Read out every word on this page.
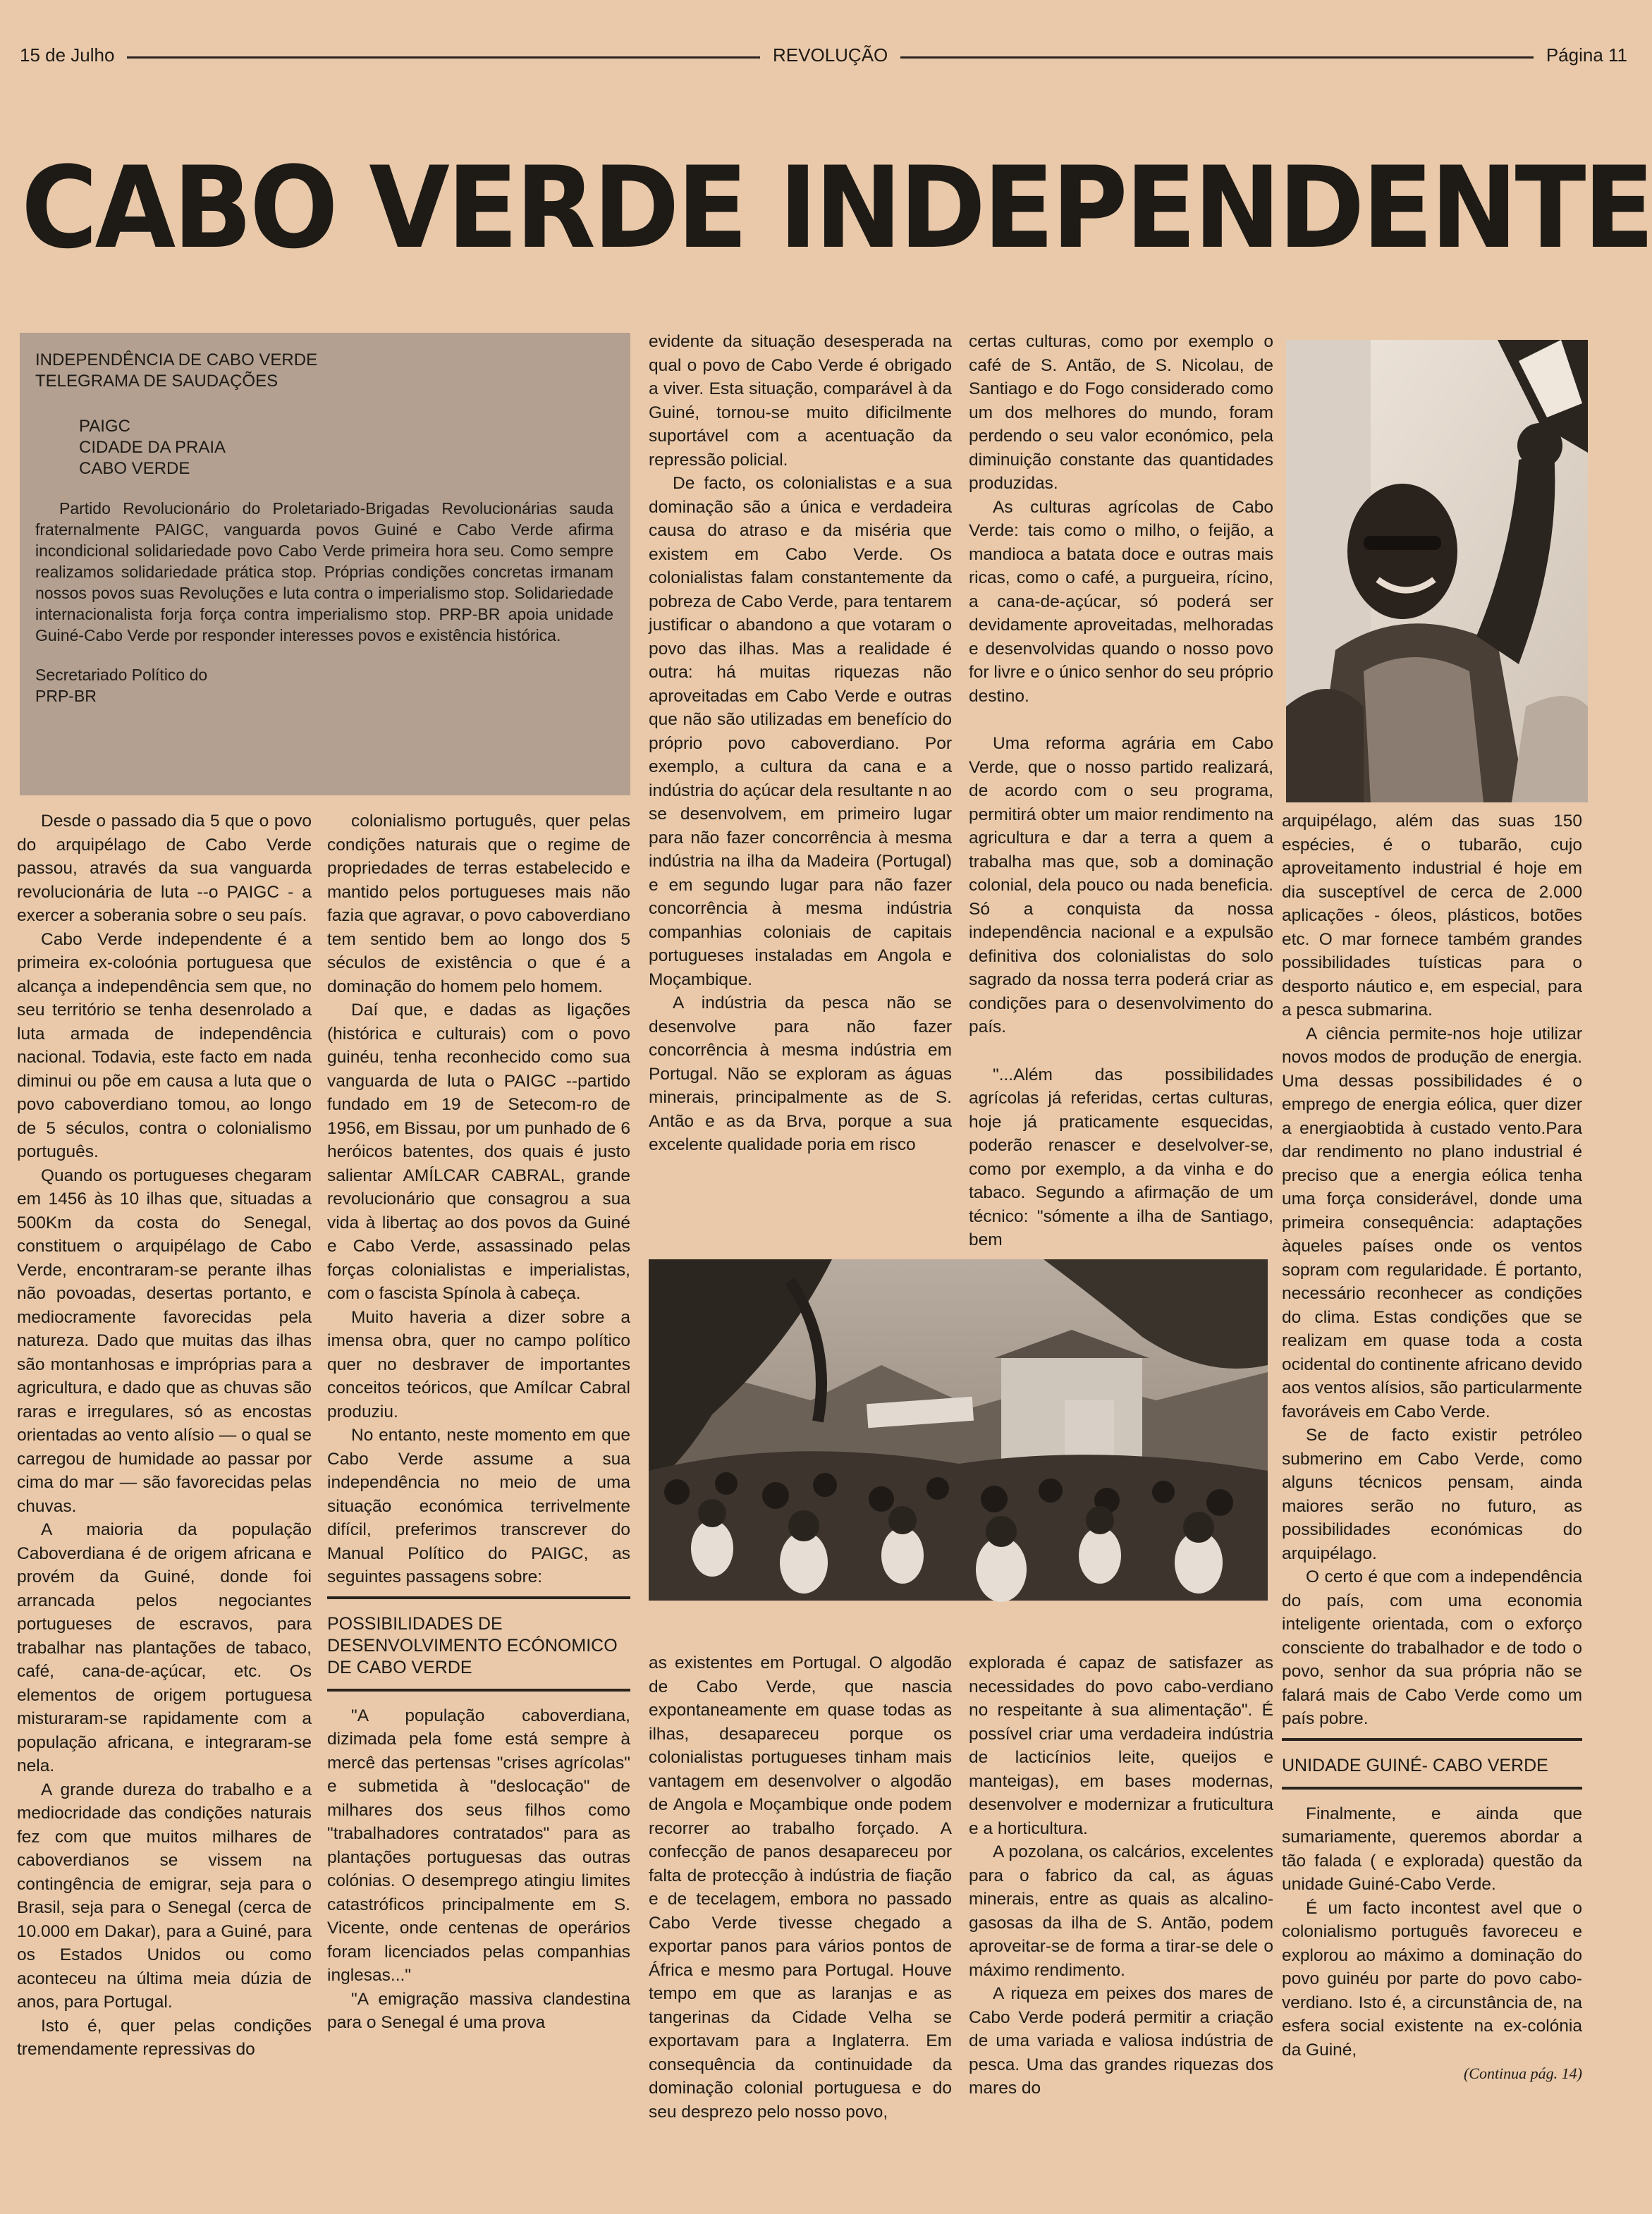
15 de Julho	REVOLUÇÃO	Página 11
CABO VERDE INDEPENDENTE
INDEPENDÊNCIA DE CABO VERDE
TELEGRAMA DE SAUDAÇÕES
PAIGC
CIDADE DA PRAIA
CABO VERDE

Partido Revolucionário do Proletariado-Brigadas Revolucionárias sauda fraternalmente PAIGC, vanguarda povos Guiné e Cabo Verde afirma incondicional solidariedade povo Cabo Verde primeira hora seu. Como sempre realizamos solidariedade prática stop. Próprias condições concretas irmanam nossos povos suas Revoluções e luta contra o imperialismo stop. Solidariedade internacionalista forja força contra imperialismo stop. PRP-BR apoia unidade Guiné-Cabo Verde por responder interesses povos e existência histórica.

Secretariado Político do
PRP-BR

Desde o passado dia 5 que o povo do arquipélago de Cabo Verde passou, através da sua vanguarda revolucionária de luta --o PAIGC - a exercer a soberania sobre o seu país.

Cabo Verde independente é a primeira ex-coloónia portuguesa que alcança a independência sem que, no seu território se tenha desenrolado a luta armada de independência nacional. Todavia, este facto em nada diminui ou põe em causa a luta que o povo caboverdiano tomou, ao longo de 5 séculos, contra o colonialismo português.

Quando os portugueses chegaram em 1456 às 10 ilhas que, situadas a 500Km da costa do Senegal, constituem o arquipélago de Cabo Verde, encontraram-se perante ilhas não povoadas, desertas portanto, e mediocramente favorecidas pela natureza. Dado que muitas das ilhas são montanhosas e impróprias para a agricultura, e dado que as chuvas são raras e irregulares, só as encostas orientadas ao vento alísio — o qual se carregou de humidade ao passar por cima do mar — são favorecidas pelas chuvas.

A maioria da população Caboverdiana é de origem africana e provém da Guiné, donde foi arrancada pelos negociantes portugueses de escravos, para trabalhar nas plantações de tabaco, café, cana-de-açúcar, etc. Os elementos de origem portuguesa misturaram-se rapidamente com a população africana, e integraram-se nela.

A grande dureza do trabalho e a mediocridade das condições naturais fez com que muitos milhares de caboverdianos se vissem na contingência de emigrar, seja para o Brasil, seja para o Senegal (cerca de 10.000 em Dakar), para a Guiné, para os Estados Unidos ou como aconteceu na última meia dúzia de anos, para Portugal.

Isto é, quer pelas condições tremendamente repressivas do

colonialismo português, quer pelas condições naturais que o regime de propriedades de terras estabelecido e mantido pelos portugueses mais não fazia que agravar, o povo caboverdiano tem sentido bem ao longo dos 5 séculos de existência o que é a dominação do homem pelo homem.

Daí que, e dadas as ligações (histórica e culturais) com o povo guinéu, tenha reconhecido como sua vanguarda de luta o PAIGC --partido fundado em 19 de Setecom-ro de 1956, em Bissau, por um punhado de 6 heróicos batentes, dos quais é justo salientar AMÍLCAR CABRAL, grande revolucionário que consagrou a sua vida à libertaç ao dos povos da Guiné e Cabo Verde, assassinado pelas forças colonialistas e imperialistas, com o fascista Spínola à cabeça.

Muito haveria a dizer sobre a imensa obra, quer no campo político quer no desbraver de importantes conceitos teóricos, que Amílcar Cabral produziu.

No entanto, neste momento em que Cabo Verde assume a sua independência no meio de uma situação económica terrivelmente difícil, preferimos transcrever do Manual Político do PAIGC, as seguintes passagens sobre:

POSSIBILIDADES DE DESENVOLVIMENTO ECÓNOMICO DE CABO VERDE

"A população caboverdiana, dizimada pela fome está sempre à mercê das pertensas "crises agrícolas" e submetida à "deslocação" de milhares dos seus filhos como "trabalhadores contratados" para as plantações portuguesas das outras colónias. O desemprego atingiu limites catastróficos principalmente em S. Vicente, onde centenas de operários foram licenciados pelas companhias inglesas..."

"A emigração massiva clandestina para o Senegal é uma prova

evidente da situação desesperada na qual o povo de Cabo Verde é obrigado a viver. Esta situação, comparável à da Guiné, tornou-se muito dificilmente suportável com a acentuação da repressão policial.

De facto, os colonialistas e a sua dominação são a única e verdadeira causa do atraso e da miséria que existem em Cabo Verde. Os colonialistas falam constantemente da pobreza de Cabo Verde, para tentarem justificar o abandono a que votaram o povo das ilhas. Mas a realidade é outra: há muitas riquezas não aproveitadas em Cabo Verde e outras que não são utilizadas em benefício do próprio povo caboverdiano. Por exemplo, a cultura da cana e a indústria do açúcar dela resultante n ao se desenvolvem, em primeiro lugar para não fazer concorrência à mesma indústria na ilha da Madeira (Portugal) e em segundo lugar para não fazer concorrência à mesma indústria companhias coloniais de capitais portugueses instaladas em Angola e Moçambique.

A indústria da pesca não se desenvolve para não fazer concorrência à mesma indústria em Portugal. Não se exploram as águas minerais, principalmente as de S. Antão e as da Brva, porque a sua excelente qualidade poria em risco

certas culturas, como por exemplo o café de S. Antão, de S. Nicolau, de Santiago e do Fogo considerado como um dos melhores do mundo, foram perdendo o seu valor económico, pela diminuição constante das quantidades produzidas.

As culturas agrícolas de Cabo Verde: tais como o milho, o feijão, a mandioca a batata doce e outras mais ricas, como o café, a purgueira, rícino, a cana-de-açúcar, só poderá ser devidamente aproveitadas, melhoradas e desenvolvidas quando o nosso povo for livre e o único senhor do seu próprio destino.

Uma reforma agrária em Cabo Verde, que o nosso partido realizará, de acordo com o seu programa, permitirá obter um maior rendimento na agricultura e dar a terra a quem a trabalha mas que, sob a dominação colonial, dela pouco ou nada beneficia. Só a conquista da nossa independência nacional e a expulsão definitiva dos colonialistas do solo sagrado da nossa terra poderá criar as condições para o desenvolvimento do país.

"...Além das possibilidades agrícolas já referidas, certas culturas, hoje já praticamente esquecidas, poderão renascer e deselvolver-se, como por exemplo, a da vinha e do tabaco. Segundo a afirmação de um técnico: "sómente a ilha de Santiago, bem

arquipélago, além das suas 150 espécies, é o tubarão, cujo aproveitamento industrial é hoje em dia susceptível de cerca de 2.000 aplicações - óleos, plásticos, botões etc. O mar fornece também grandes possibilidades tuísticas para o desporto náutico e, em especial, para a pesca submarina.

A ciência permite-nos hoje utilizar novos modos de produção de energia. Uma dessas possibilidades é o emprego de energia eólica, quer dizer a energiaobtida à custado vento.Para dar rendimento no plano industrial é preciso que a energia eólica tenha uma força considerável, donde uma primeira consequência: adaptações àqueles países onde os ventos sopram com regularidade. É portanto, necessário reconhecer as condições do clima. Estas condições que se realizam em quase toda a costa ocidental do continente africano devido aos ventos alísios, são particularmente favoráveis em Cabo Verde.

Se de facto existir petróleo submerino em Cabo Verde, como alguns técnicos pensam, ainda maiores serão no futuro, as possibilidades económicas do arquipélago.

O certo é que com a independência do país, com uma economia inteligente orientada, com o exforço consciente do trabalhador e de todo o povo, senhor da sua própria não se falará mais de Cabo Verde como um país pobre.

UNIDADE GUINÉ- CABO VERDE

Finalmente, e ainda que sumariamente, queremos abordar a tão falada ( e explorada) questão da unidade Guiné-Cabo Verde.

É um facto incontest avel que o colonialismo português favoreceu e explorou ao máximo a dominação do povo guinéu por parte do povo cabo-verdiano. Isto é, a circunstância de, na esfera social existente na ex-colónia da Guiné,

(Continua pág. 14)

as existentes em Portugal. O algodão de Cabo Verde, que nascia expontaneamente em quase todas as ilhas, desapareceu porque os colonialistas portugueses tinham mais vantagem em desenvolver o algodão de Angola e Moçambique onde podem recorrer ao trabalho forçado. A confecção de panos desapareceu por falta de protecção à indústria de fiação e de tecelagem, embora no passado Cabo Verde tivesse chegado a exportar panos para vários pontos de África e mesmo para Portugal. Houve tempo em que as laranjas e as tangerinas da Cidade Velha se exportavam para a Inglaterra. Em consequência da continuidade da dominação colonial portuguesa e do seu desprezo pelo nosso povo,

explorada é capaz de satisfazer as necessidades do povo cabo-verdiano no respeitante à sua alimentação". É possível criar uma verdadeira indústria de lacticínios leite, queijos e manteigas), em bases modernas, desenvolver e modernizar a fruticultura e a horticultura.

A pozolana, os calcários, excelentes para o fabrico da cal, as águas minerais, entre as quais as alcalino-gasosas da ilha de S. Antão, podem aproveitar-se de forma a tirar-se dele o máximo rendimento.

A riqueza em peixes dos mares de Cabo Verde poderá permitir a criação de uma variada e valiosa indústria de pesca. Uma das grandes riquezas dos mares do
